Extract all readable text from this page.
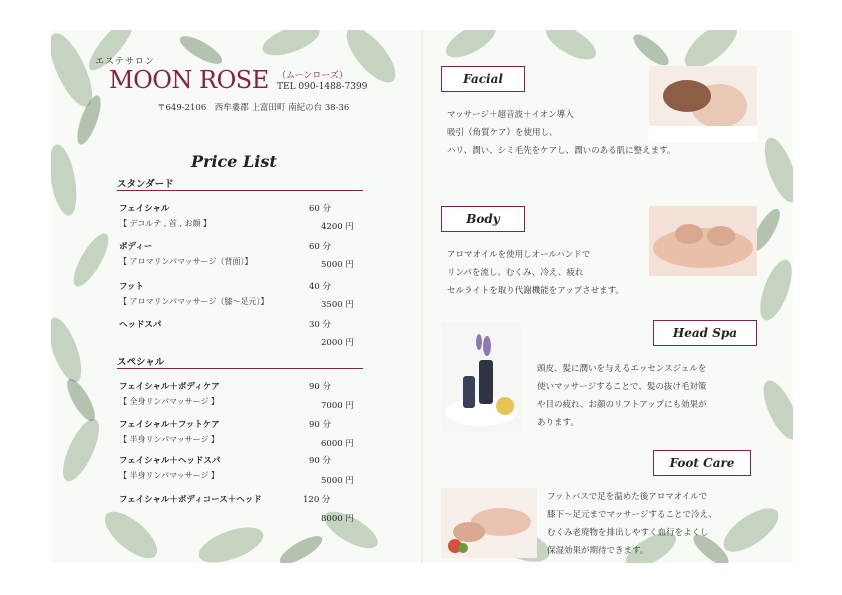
エステサロン
MOON ROSE （ムーンローズ）
TEL 090-1488-7399
〒649-2106　西牟婁郡 上富田町 南紀の台 38-36
Price List
スタンダード
フェイシャル	60 分
【 デコルテ , 首 , お顔 】	4200 円
ボディー	60 分
【 アロマリンパマッサージ（背面）】	5000 円
フット	40 分
【 アロマリンパマッサージ（膝～足元）】	3500 円
ヘッドスパ	30 分
2000 円
スペシャル
フェイシャル＋ボディケア	90 分
【 全身リンパマッサージ 】	7000 円
フェイシャル＋フットケア	90 分
【 半身リンパマッサージ 】	6000 円
フェイシャル＋ヘッドスパ	90 分
【 半身リンパマッサージ 】
5000 円
フェイシャル＋ボディコース＋ヘッド	120 分
8000 円
Facial
マッサージ＋超音波＋イオン導入
吸引（角質ケア）を使用し、
ハリ、潤い、シミ毛先をケアし、潤いのある肌に整えます。
Body
アロマオイルを使用しオールハンドで
リンパを流し、むくみ、冷え、疲れ
セルライトを取り代謝機能をアップさせます。
Head Spa
頭皮、髪に潤いを与えるエッセンスジェルを
使いマッサージすることで、髪の抜け毛対策
や目の疲れ、お顔のリフトアップにも効果が
あります。
Foot Care
フットバスで足を温めた後アロマオイルで
膝下～足元までマッサージすることで冷え、
むくみ老廃物を排出しやすく血行をよくし
保湿効果が期待できます。
